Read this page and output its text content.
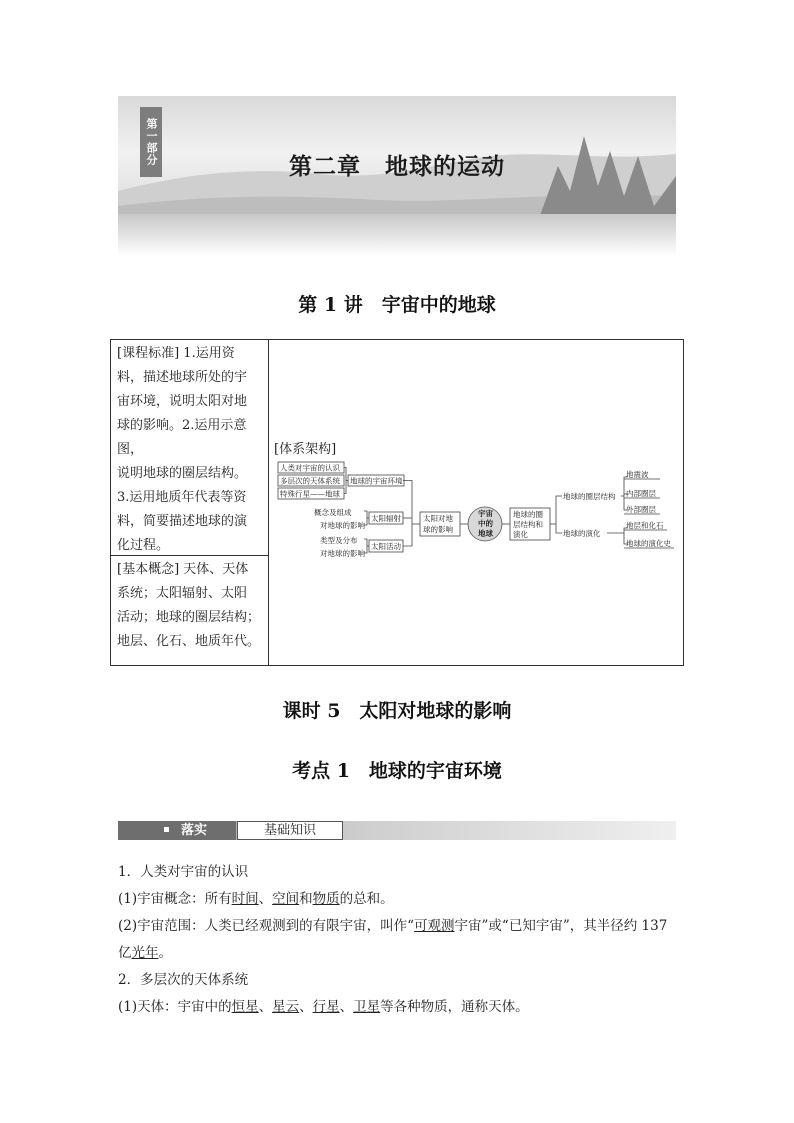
第一部分
第二章　地球的运动
第 1 讲　宇宙中的地球
[课程标准] 1.运用资
料，描述地球所处的宇
宙环境，说明太阳对地
球的影响。2.运用示意图，
说明地球的圈层结构。
3.运用地质年代表等资
料，简要描述地球的演
化过程。
[基本概念] 天体、天体
系统；太阳辐射、太阳
活动；地球的圈层结构；
地层、化石、地质年代。
[体系架构]
人类对宇宙的认识
多层次的天体系统
特殊行星——地球
地球的宇宙环境
概念及组成
对地球的影响
太阳辐射
类型及分布
对地球的影响
太阳活动
太阳对地
球的影响
宇宙
中的
地球
地球的圈
层结构和
演化
地球的圈层结构
地震波
内部圈层
外部圈层
地球的演化
地层和化石
地球的演化史
课时 5　太阳对地球的影响
考点 1　地球的宇宙环境
落实	基础知识
1．人类对宇宙的认识
(1)宇宙概念：所有时间、空间和物质的总和。
(2)宇宙范围：人类已经观测到的有限宇宙，叫作“可观测宇宙”或“已知宇宙”，其半径约 137
亿光年。
2．多层次的天体系统
(1)天体：宇宙中的恒星、星云、行星、卫星等各种物质，通称天体。
